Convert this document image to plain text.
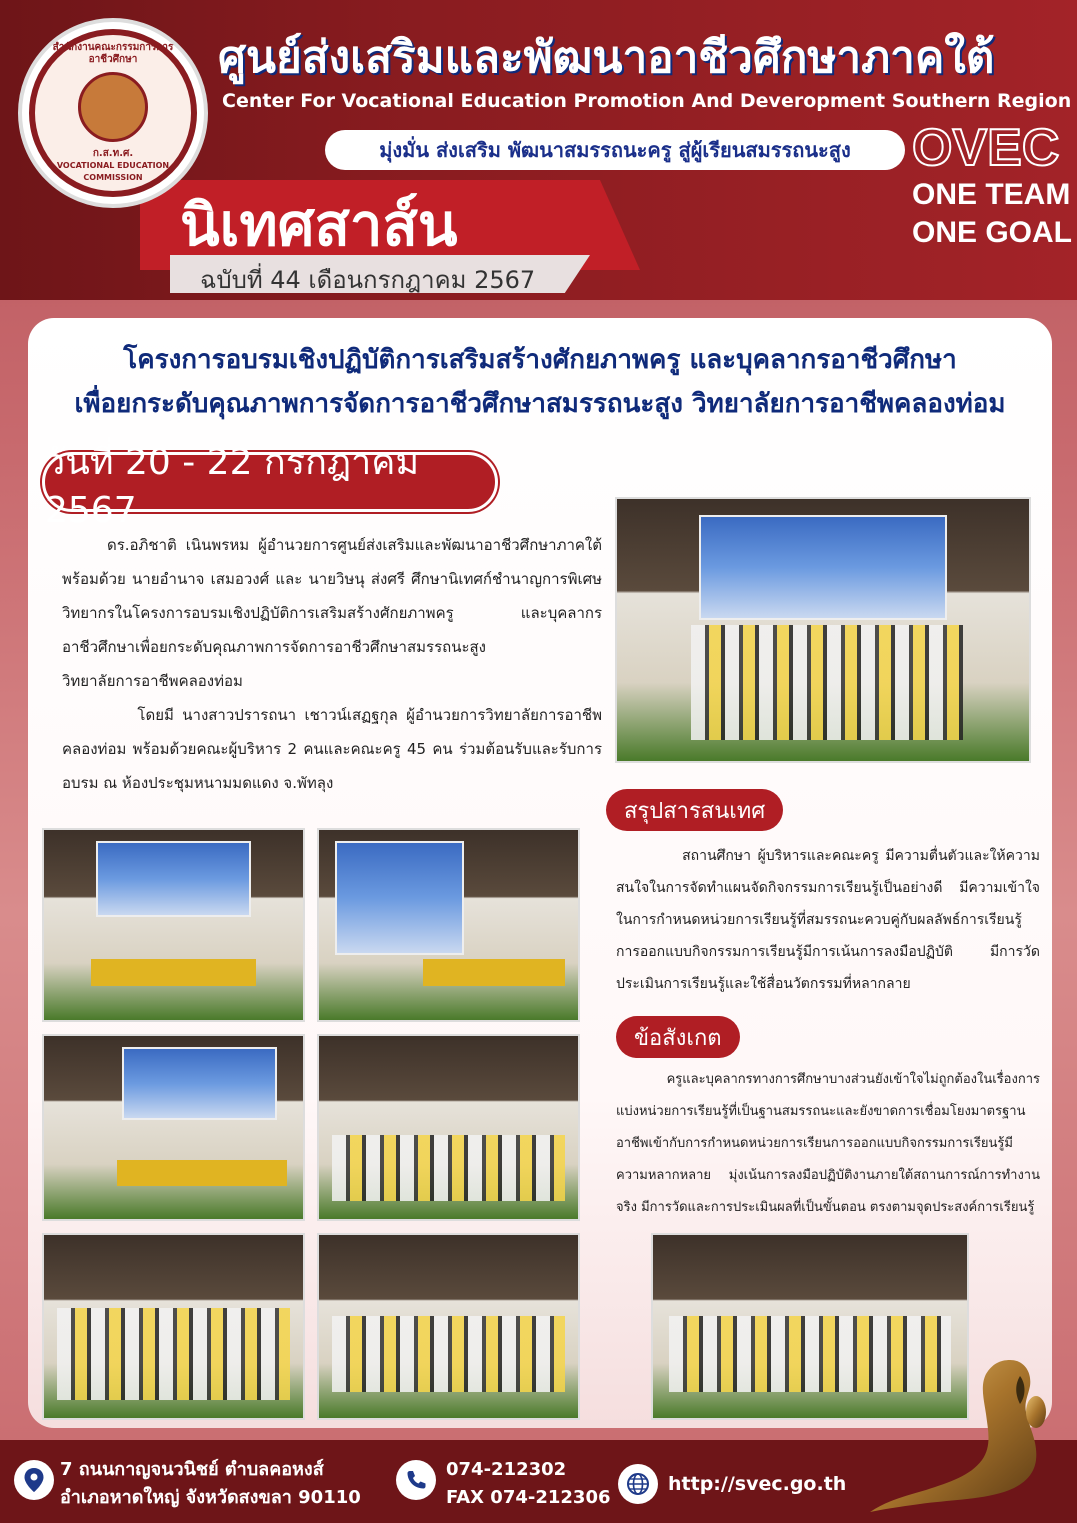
สำนักงานคณะกรรมการการอาชีวศึกษา
ก.ส.ท.ศ.
VOCATIONAL EDUCATION COMMISSION
ศูนย์ส่งเสริมและพัฒนาอาชีวศึกษาภาคใต้
Center For Vocational Education Promotion And Deveropment Southern Region
มุ่งมั่น ส่งเสริม พัฒนาสมรรถนะครู สู่ผู้เรียนสมรรถนะสูง	OVEC
ONE TEAM
ONE GOAL
นิเทศสาส์น
ฉบับที่ 44 เดือนกรกฎาคม 2567
โครงการอบรมเชิงปฏิบัติการเสริมสร้างศักยภาพครู และบุคลากรอาชีวศึกษา
เพื่อยกระดับคุณภาพการจัดการอาชีวศึกษาสมรรถนะสูง วิทยาลัยการอาชีพคลองท่อม
วันที่ 20 - 22 กรกฎาคม 2567

ดร.อภิชาติ เนินพรหม ผู้อำนวยการศูนย์ส่งเสริมและพัฒนาอาชีวศึกษาภาคใต้ พร้อมด้วย นายอำนาจ เสมอวงศ์ และ นายวิษนุ ส่งศรี ศึกษานิเทศก์ชำนาญการพิเศษ วิทยากรในโครงการอบรมเชิงปฏิบัติการเสริมสร้างศักยภาพครู และบุคลากรอาชีวศึกษาเพื่อยกระดับคุณภาพการจัดการอาชีวศึกษาสมรรถนะสูง

วิทยาลัยการอาชีพคลองท่อม

โดยมี นางสาวปรารถนา เชาวน์เสฏฐกุล ผู้อำนวยการวิทยาลัยการอาชีพคลองท่อม พร้อมด้วยคณะผู้บริหาร 2 คนและคณะครู 45 คน ร่วมต้อนรับและรับการอบรม ณ ห้องประชุมหนามมดแดง จ.พัทลุง

สรุปสารสนเทศ
สถานศึกษา ผู้บริหารและคณะครู มีความตื่นตัวและให้ความสนใจในการจัดทำแผนจัดกิจกรรมการเรียนรู้เป็นอย่างดี มีความเข้าใจในการกำหนดหน่วยการเรียนรู้ที่สมรรถนะควบคู่กับผลลัพธ์การเรียนรู้ การออกแบบกิจกรรมการเรียนรู้มีการเน้นการลงมือปฏิบัติ มีการวัดประเมินการเรียนรู้และใช้สื่อนวัตกรรมที่หลากลาย
ข้อสังเกต
ครูและบุคลากรทางการศึกษาบางส่วนยังเข้าใจไม่ถูกต้องในเรื่องการแบ่งหน่วยการเรียนรู้ที่เป็นฐานสมรรถนะและยังขาดการเชื่อมโยงมาตรฐานอาชีพเข้ากับการกำหนดหน่วยการเรียนการออกแบบกิจกรรมการเรียนรู้มีความหลากหลาย มุ่งเน้นการลงมือปฏิบัติงานภายใต้สถานการณ์การทำงานจริง มีการวัดและการประเมินผลที่เป็นขั้นตอน ตรงตามจุดประสงค์การเรียนรู้
7 ถนนกาญจนวนิชย์ ตำบลคอหงส์
อำเภอหาดใหญ่ จังหวัดสงขลา 90110
074-212302
FAX 074-212306
http://svec.go.th
